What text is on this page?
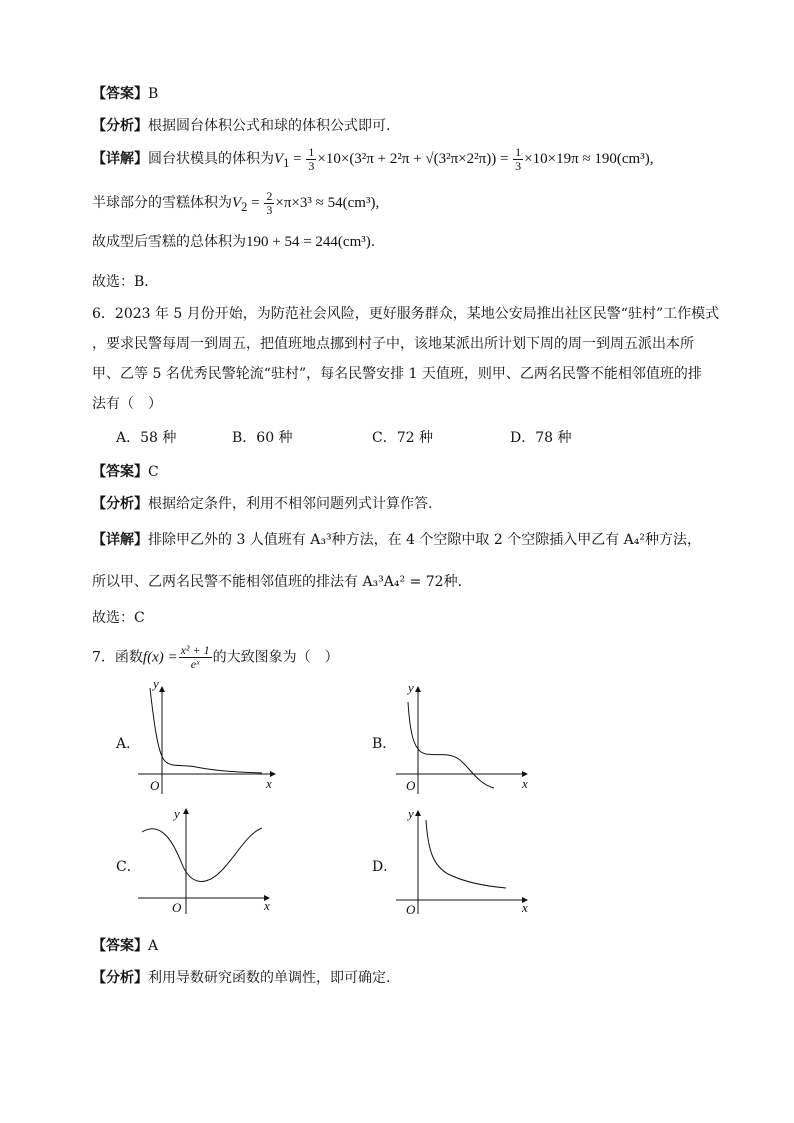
【答案】B
【分析】根据圆台体积公式和球的体积公式即可.
【详解】圆台状模具的体积为$V_1 = \frac{1}{3} \times 10\times(3^2\pi + 2^2\pi + √(3^2\pi\times 2^2\pi)) = \frac{1}{3} \times 10\times 19\pi \approx 190(cm^3)$,
半球部分的雪糕体积为$V_2 = \frac{2}{3} \times\pi\times 3^3 \approx 54(cm^3)$,
故成型后雪糕的总体积为190 + 54 = 244(cm³).
故选：B.
6．2023 年 5 月份开始，为防范社会风险，更好服务群众，某地公安局推出社区民警“驻村”工作模式
，要求民警每周一到周五，把值班地点挪到村子中，该地某派出所计划下周的周一到周五派出本所
甲、乙等 5 名优秀民警轮流“驻村”，每名民警安排 1 天值班，则甲、乙两名民警不能相邻值班的排
法有（　）
A．58 种	B．60 种	C．72 种	D．78 种
【答案】C
【分析】根据给定条件，利用不相邻问题列式计算作答.
【详解】排除甲乙外的 3 人值班有 A₃³种方法，在 4 个空隙中取 2 个空隙插入甲乙有 A₄²种方法，
所以甲、乙两名民警不能相邻值班的排法有 A₃³A₄² = 72种.
故选：C
7．函数$f(x) = \frac{\text{x² + 1}}{\text{eˣ}}$ 的大致图象为（　）
A．
y
x
O
B．
y
x
O
C．
y
x
O
D．
y
x
O
【答案】A
【分析】利用导数研究函数的单调性，即可确定.
